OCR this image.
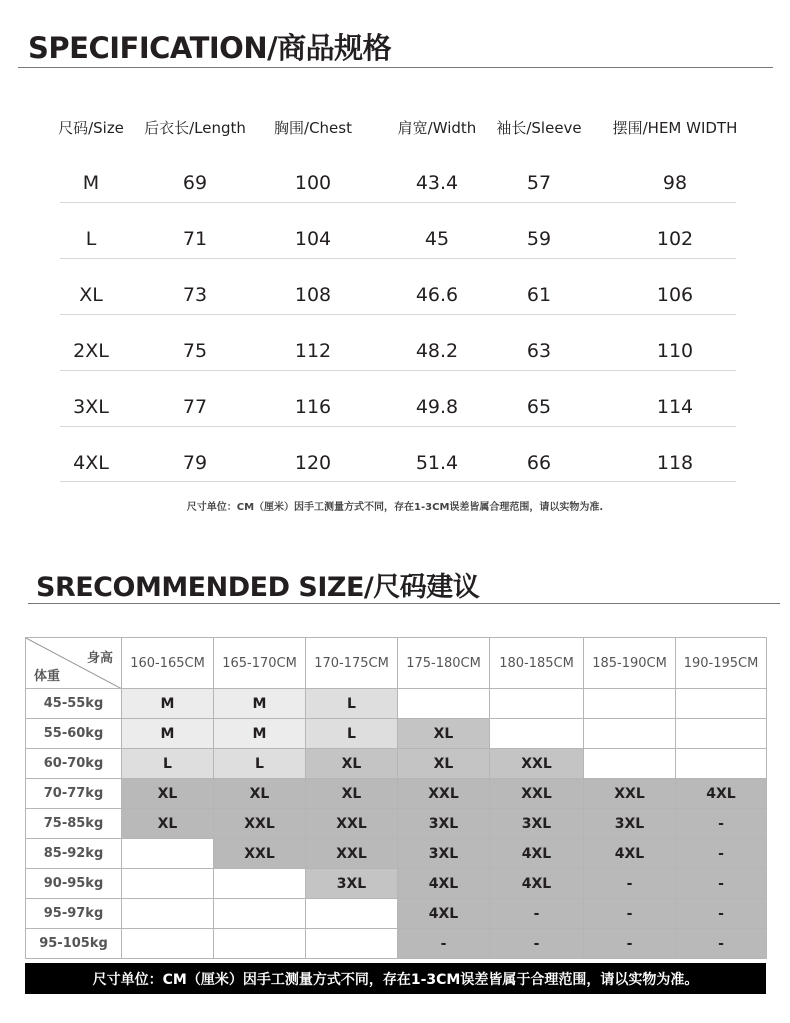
SPECIFICATION/商品规格
尺码/Size 后衣长/Length 胸围/Chest	肩宽/Width 袖长/Sleeve 摆围/HEM WIDTH
M	69	100	43.4	57	98
L	71	104	45	59	102
XL	73	108	46.6	61	106
2XL	75	112	48.2	63	110
3XL	77	116	49.8	65	114
4XL	79	120	51.4	66	118
尺寸单位：CM（厘米）因手工测量方式不同，存在1-3CM误差皆属合理范围，请以实物为准.
SRECOMMENDED SIZE/尺码建议
身高
体重	160-165CM	165-170CM	170-175CM	175-180CM	180-185CM	185-190CM	190-195CM
45-55kg	M	M	L				
55-60kg	M	M	L	XL			
60-70kg	L	L	XL	XL	XXL		
70-77kg	XL	XL	XL	XXL	XXL	XXL	4XL
75-85kg	XL	XXL	XXL	3XL	3XL	3XL	-
85-92kg		XXL	XXL	3XL	4XL	4XL	-
90-95kg			3XL	4XL	4XL	-	-
95-97kg				4XL	-	-	-
95-105kg				-	-	-	-
尺寸单位：CM（厘米）因手工测量方式不同，存在1-3CM误差皆属于合理范围，请以实物为准。
